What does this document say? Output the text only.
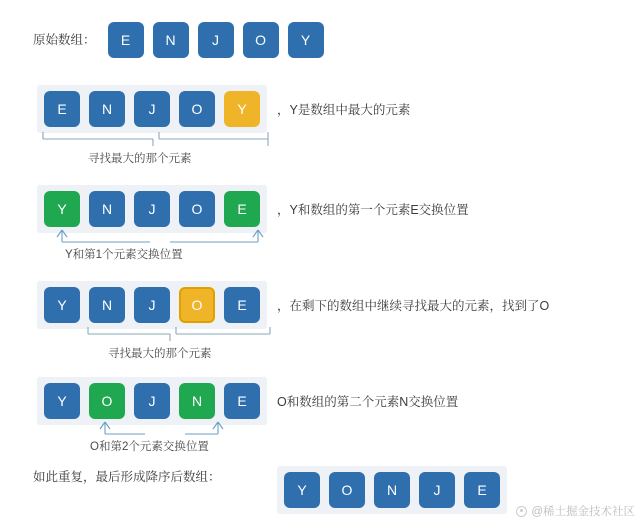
原始数组：	E	N	J	O	Y
E	N	J	O	Y	，Y是数组中最大的元素
寻找最大的那个元素
Y	N	J	O	E	，Y和数组的第一个元素E交换位置
Y和第1个元素交换位置
Y	N	J	O	E	，在剩下的数组中继续寻找最大的元素，找到了O
寻找最大的那个元素
Y	O	J	N	E	O和数组的第二个元素N交换位置
O和第2个元素交换位置
如此重复，最后形成降序后数组：
Y	O	N	J	E
@稀土掘金技术社区
